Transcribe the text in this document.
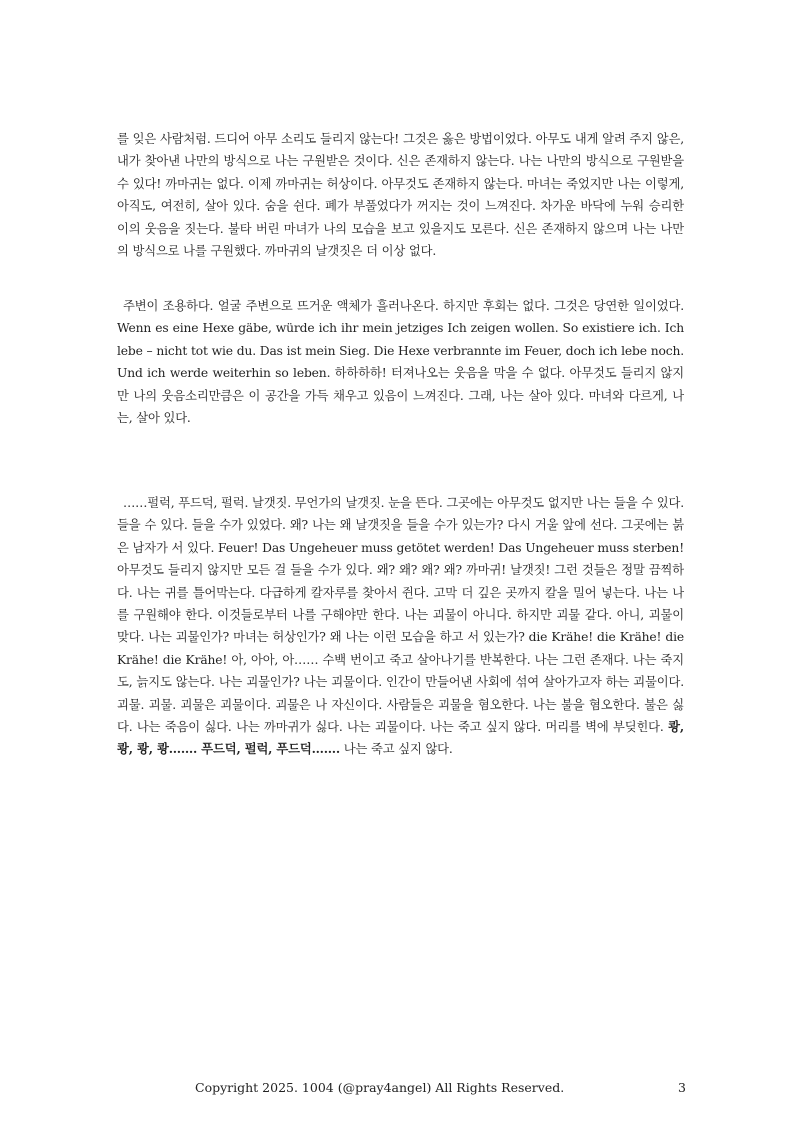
를 잊은 사람처럼. 드디어 아무 소리도 들리지 않는다! 그것은 옳은 방법이었다. 아무도 내게 알려 주지 않은, 내가 찾아낸 나만의 방식으로 나는 구원받은 것이다. 신은 존재하지 않는다. 나는 나만의 방식으로 구원받을 수 있다! 까마귀는 없다. 이제 까마귀는 허상이다. 아무것도 존재하지 않는다. 마녀는 죽었지만 나는 이렇게, 아직도, 여전히, 살아 있다. 숨을 쉰다. 폐가 부풀었다가 꺼지는 것이 느껴진다. 차가운 바닥에 누워 승리한 이의 웃음을 짓는다. 불타 버린 마녀가 나의 모습을 보고 있을지도 모른다. 신은 존재하지 않으며 나는 나만의 방식으로 나를 구원했다. 까마귀의 날갯짓은 더 이상 없다.

주변이 조용하다. 얼굴 주변으로 뜨거운 액체가 흘러나온다. 하지만 후회는 없다. 그것은 당연한 일이었다. Wenn es eine Hexe gäbe, würde ich ihr mein jetziges Ich zeigen wollen. So existiere ich. Ich lebe – nicht tot wie du. Das ist mein Sieg. Die Hexe verbrannte im Feuer, doch ich lebe noch. Und ich werde weiterhin so leben. 하하하하! 터져나오는 웃음을 막을 수 없다. 아무것도 들리지 않지만 나의 웃음소리만큼은 이 공간을 가득 채우고 있음이 느껴진다. 그래, 나는 살아 있다. 마녀와 다르게, 나는, 살아 있다.

……펄럭, 푸드덕, 펄럭. 날갯짓. 무언가의 날갯짓. 눈을 뜬다. 그곳에는 아무것도 없지만 나는 들을 수 있다. 들을 수 있다. 들을 수가 있었다. 왜? 나는 왜 날갯짓을 들을 수가 있는가? 다시 거울 앞에 선다. 그곳에는 붉은 남자가 서 있다. Feuer! Das Ungeheuer muss getötet werden! Das Ungeheuer muss sterben! 아무것도 들리지 않지만 모든 걸 들을 수가 있다. 왜? 왜? 왜? 왜? 까마귀! 날갯짓! 그런 것들은 정말 끔찍하다. 나는 귀를 틀어막는다. 다급하게 칼자루를 찾아서 쥔다. 고막 더 깊은 곳까지 칼을 밀어 넣는다. 나는 나를 구원해야 한다. 이것들로부터 나를 구해야만 한다. 나는 괴물이 아니다. 하지만 괴물 같다. 아니, 괴물이 맞다. 나는 괴물인가? 마녀는 허상인가? 왜 나는 이런 모습을 하고 서 있는가? die Krähe! die Krähe! die Krähe! die Krähe! 아, 아아, 아…… 수백 번이고 죽고 살아나기를 반복한다. 나는 그런 존재다. 나는 죽지도, 늙지도 않는다. 나는 괴물인가? 나는 괴물이다. 인간이 만들어낸 사회에 섞여 살아가고자 하는 괴물이다. 괴물. 괴물. 괴물은 괴물이다. 괴물은 나 자신이다. 사람들은 괴물을 혐오한다. 나는 불을 혐오한다. 불은 싫다. 나는 죽음이 싫다. 나는 까마귀가 싫다. 나는 괴물이다. 나는 죽고 싶지 않다. 머리를 벽에 부딪힌다. 쾅, 쾅, 쾅, 쾅……. 푸드덕, 펄럭, 푸드덕……. 나는 죽고 싶지 않다.

Copyright 2025. 1004 (@pray4angel) All Rights Reserved.	3
